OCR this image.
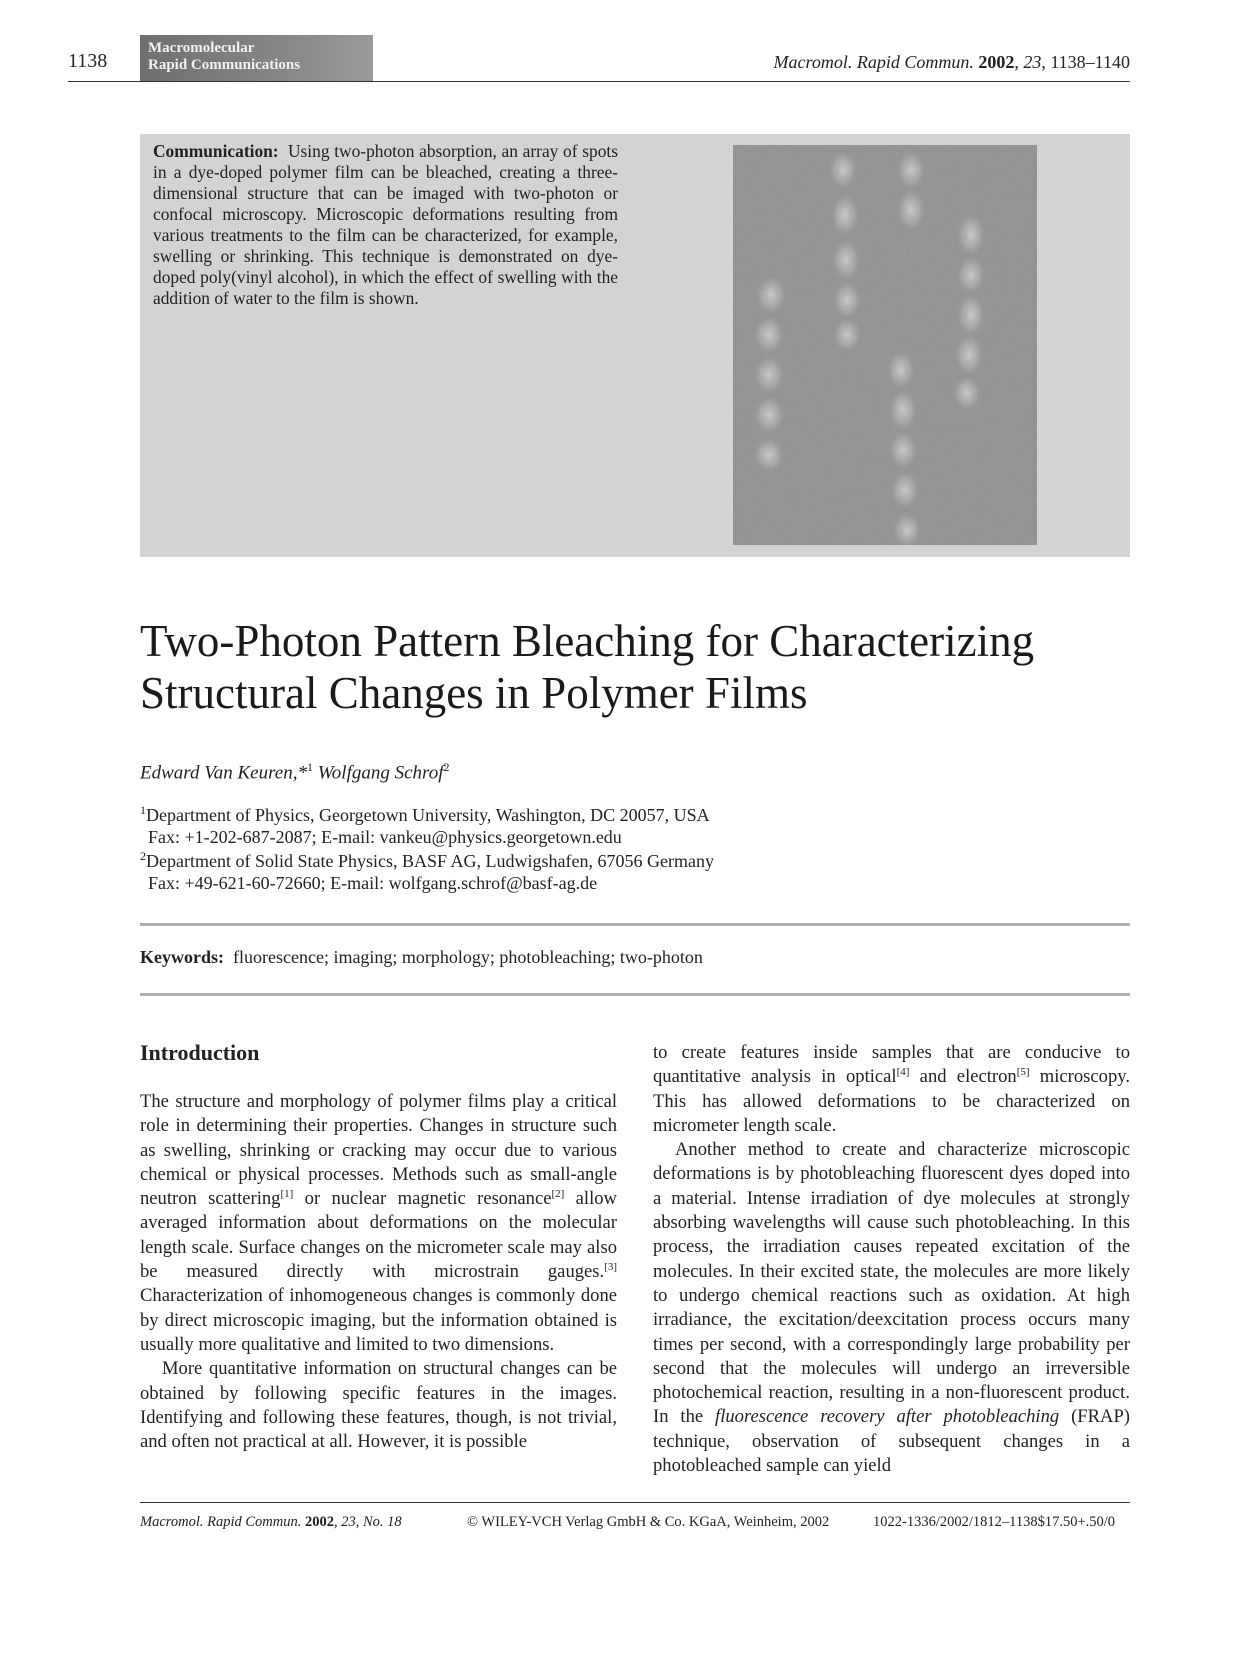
1138
Macromolecular
Rapid Communications	Macromol. Rapid Commun. 2002, 23, 1138–1140
Communication: Using two-photon absorption, an array of spots in a dye-doped polymer film can be bleached, creating a three-dimensional structure that can be imaged with two-photon or confocal microscopy. Microscopic deformations resulting from various treatments to the film can be characterized, for example, swelling or shrinking. This technique is demonstrated on dye-doped poly(vinyl alcohol), in which the effect of swelling with the addition of water to the film is shown.
Two-Photon Pattern Bleaching for Characterizing
Structural Changes in Polymer Films
Edward Van Keuren,*$^1$ Wolfgang Schrof$^2$
$^1$Department of Physics, Georgetown University, Washington, DC 20057, USA
Fax: +1-202-687-2087; E-mail: vankeu@physics.georgetown.edu
$^2$Department of Solid State Physics, BASF AG, Ludwigshafen, 67056 Germany
Fax: +49-621-60-72660; E-mail: wolfgang.schrof@basf-ag.de
Keywords: fluorescence; imaging; morphology; photobleaching; two-photon
Introduction

The structure and morphology of polymer films play a critical role in determining their properties. Changes in structure such as swelling, shrinking or cracking may occur due to various chemical or physical processes. Methods such as small-angle neutron scattering[1] or nuclear magnetic resonance[2] allow averaged information about deformations on the molecular length scale. Surface changes on the micrometer scale may also be measured directly with microstrain gauges.[3] Characterization of inhomogeneous changes is commonly done by direct microscopic imaging, but the information obtained is usually more qualitative and limited to two dimensions.

More quantitative information on structural changes can be obtained by following specific features in the images. Identifying and following these features, though, is not trivial, and often not practical at all. However, it is possible

to create features inside samples that are conducive to quantitative analysis in optical[4] and electron[5] microscopy. This has allowed deformations to be characterized on micrometer length scale.

Another method to create and characterize microscopic deformations is by photobleaching fluorescent dyes doped into a material. Intense irradiation of dye molecules at strongly absorbing wavelengths will cause such photobleaching. In this process, the irradiation causes repeated excitation of the molecules. In their excited state, the molecules are more likely to undergo chemical reactions such as oxidation. At high irradiance, the excitation/deexcitation process occurs many times per second, with a correspondingly large probability per second that the molecules will undergo an irreversible photochemical reaction, resulting in a non-fluorescent product. In the fluorescence recovery after photobleaching (FRAP) technique, observation of subsequent changes in a photobleached sample can yield

Macromol. Rapid Commun. 2002, 23, No. 18	© WILEY-VCH Verlag GmbH & Co. KGaA, Weinheim, 2002	1022-1336/2002/1812–1138$17.50+.50/0
